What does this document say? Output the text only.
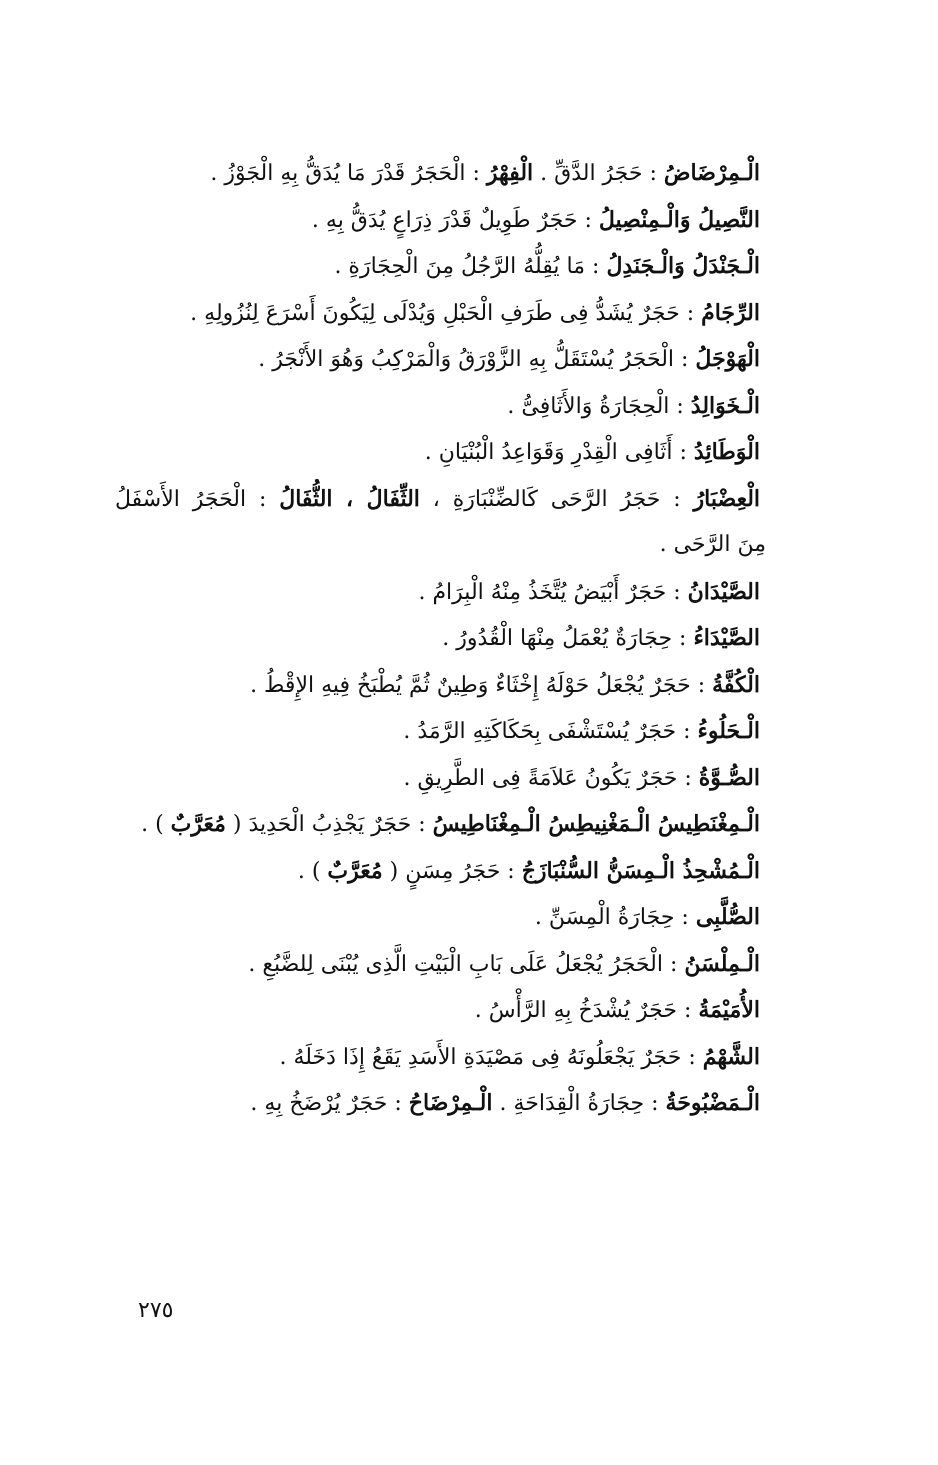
الْـمِرْضَاضُ : حَجَرُ الدَّقِّ . الْفِهْرُ : الْحَجَرُ قَدْرَ مَا يُدَقُّ بِهِ الْجَوْزُ .
النَّصِيلُ وَالْـمِنْصِيلُ : حَجَرٌ طَوِيلٌ قَدْرَ ذِرَاعٍ يُدَقُّ بِهِ .
الْـجَنْدَلُ وَالْـجَنَدِلُ : مَا يُقِلُّهُ الرَّجُلُ مِنَ الْحِجَارَةِ .
الرِّجَامُ : حَجَرٌ يُشَدُّ فِى طَرَفِ الْحَبْلِ وَيُدْلَى لِيَكُونَ أَسْرَعَ لِنُزُولِهِ .
الْهَوْجَلُ : الْحَجَرُ يُسْتَقَلُّ بِهِ الزَّوْرَقُ وَالْمَرْكِبُ وَهُوَ الأَنْجَرُ .
الْـخَوَالِدُ : الْحِجَارَةُ وَالأَثَافِىُّ .
الْوَطَائِدُ : أَثَافِى الْقِدْرِ وَقَوَاعِدُ الْبُنْيَانِ .
الْعِضْبَارُ : حَجَرُ الرَّحَى كَالضِّنْبَارَةِ ، الثِّفَالُ ، الثُّفَالُ : الْحَجَرُ الأَسْفَلُ
مِنَ الرَّحَى .
الصَّيْدَانُ : حَجَرٌ أَبْيَضُ يُتَّخَذُ مِنْهُ الْبِرَامُ .
الصَّيْدَاءُ : حِجَارَةٌ يُعْمَلُ مِنْهَا الْقُدُورُ .
الْكُفَّةُ : حَجَرٌ يُجْعَلُ حَوْلَهُ إِخْثَاءٌ وَطِينٌ ثُمَّ يُطْبَخُ فِيهِ الإِقْطُ .
الْـحَلُوءُ : حَجَرٌ يُسْتَشْفَى بِحَكَاكَتِهِ الرَّمَدُ .
الصُّـوَّةُ : حَجَرٌ يَكُونُ عَلاَمَةً فِى الطَّرِيقِ .
الْـمِغْنَطِيسُ الْـمَغْنِيطِسُ الْـمِغْنَاطِيسُ : حَجَرٌ يَجْذِبُ الْحَدِيدَ ( مُعَرَّبٌ ) .
الْـمُشْحِذُ الْـمِسَنُّ السُّنْبَازَجُ : حَجَرُ مِسَنٍ ( مُعَرَّبٌ ) .
الصُّلَّبِى : حِجَارَةُ الْمِسَنِّ .
الْـمِلْسَنُ : الْحَجَرُ يُجْعَلُ عَلَى بَابِ الْبَيْتِ الَّذِى يُبْنَى لِلضَّبُعِ .
الأُمَيْمَةُ : حَجَرٌ يُشْدَخُ بِهِ الرَّأْسُ .
الشَّهْمُ : حَجَرٌ يَجْعَلُونَهُ فِى مَصْيَدَةِ الأَسَدِ يَقَعُ إِذَا دَخَلَهُ .
الْـمَضْبُوحَةُ : حِجَارَةُ الْقِدَاحَةِ . الْـمِرْضَاحُ : حَجَرٌ يُرْضَخُ بِهِ .
٢٧٥
